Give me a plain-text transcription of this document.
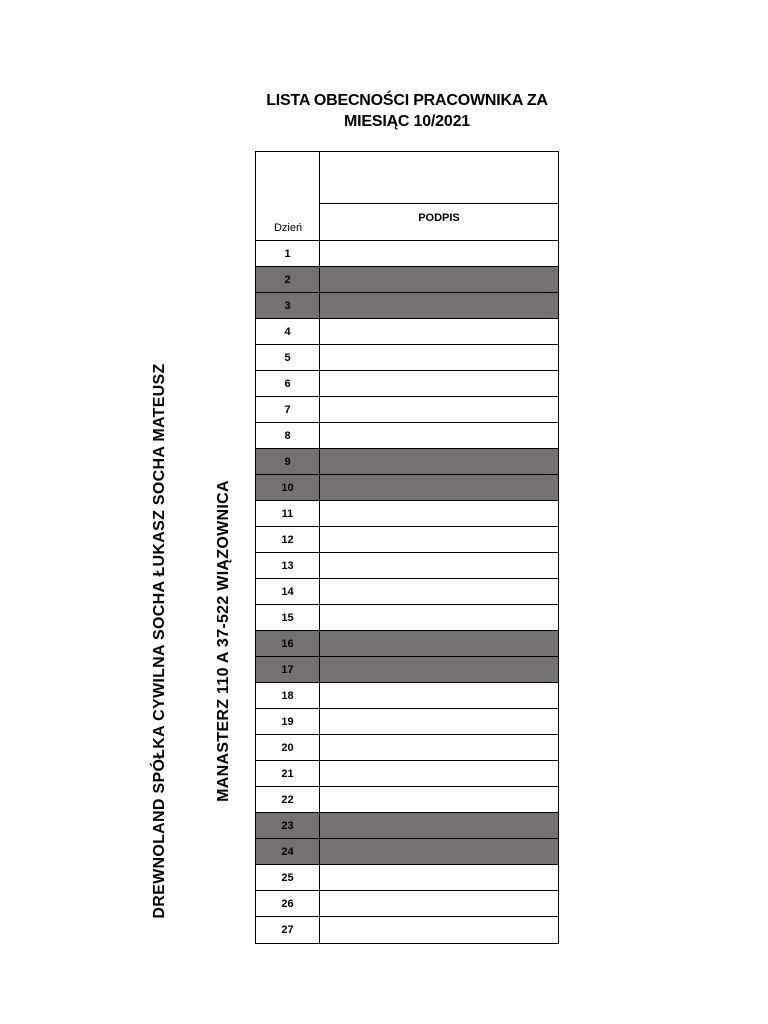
LISTA OBECNOŚCI PRACOWNIKA ZA
MIESIĄC 10/2021
DREWNOLAND SPÓŁKA CYWILNA SOCHA ŁUKASZ SOCHA MATEUSZ	MANASTERZ 110 A 37-522 WIĄZOWNICA
Dzień
PODPIS
1
2
3
4
5
6
7
8
9
10
11
12
13
14
15
16
17
18
19
20
21
22
23
24
25
26
27
